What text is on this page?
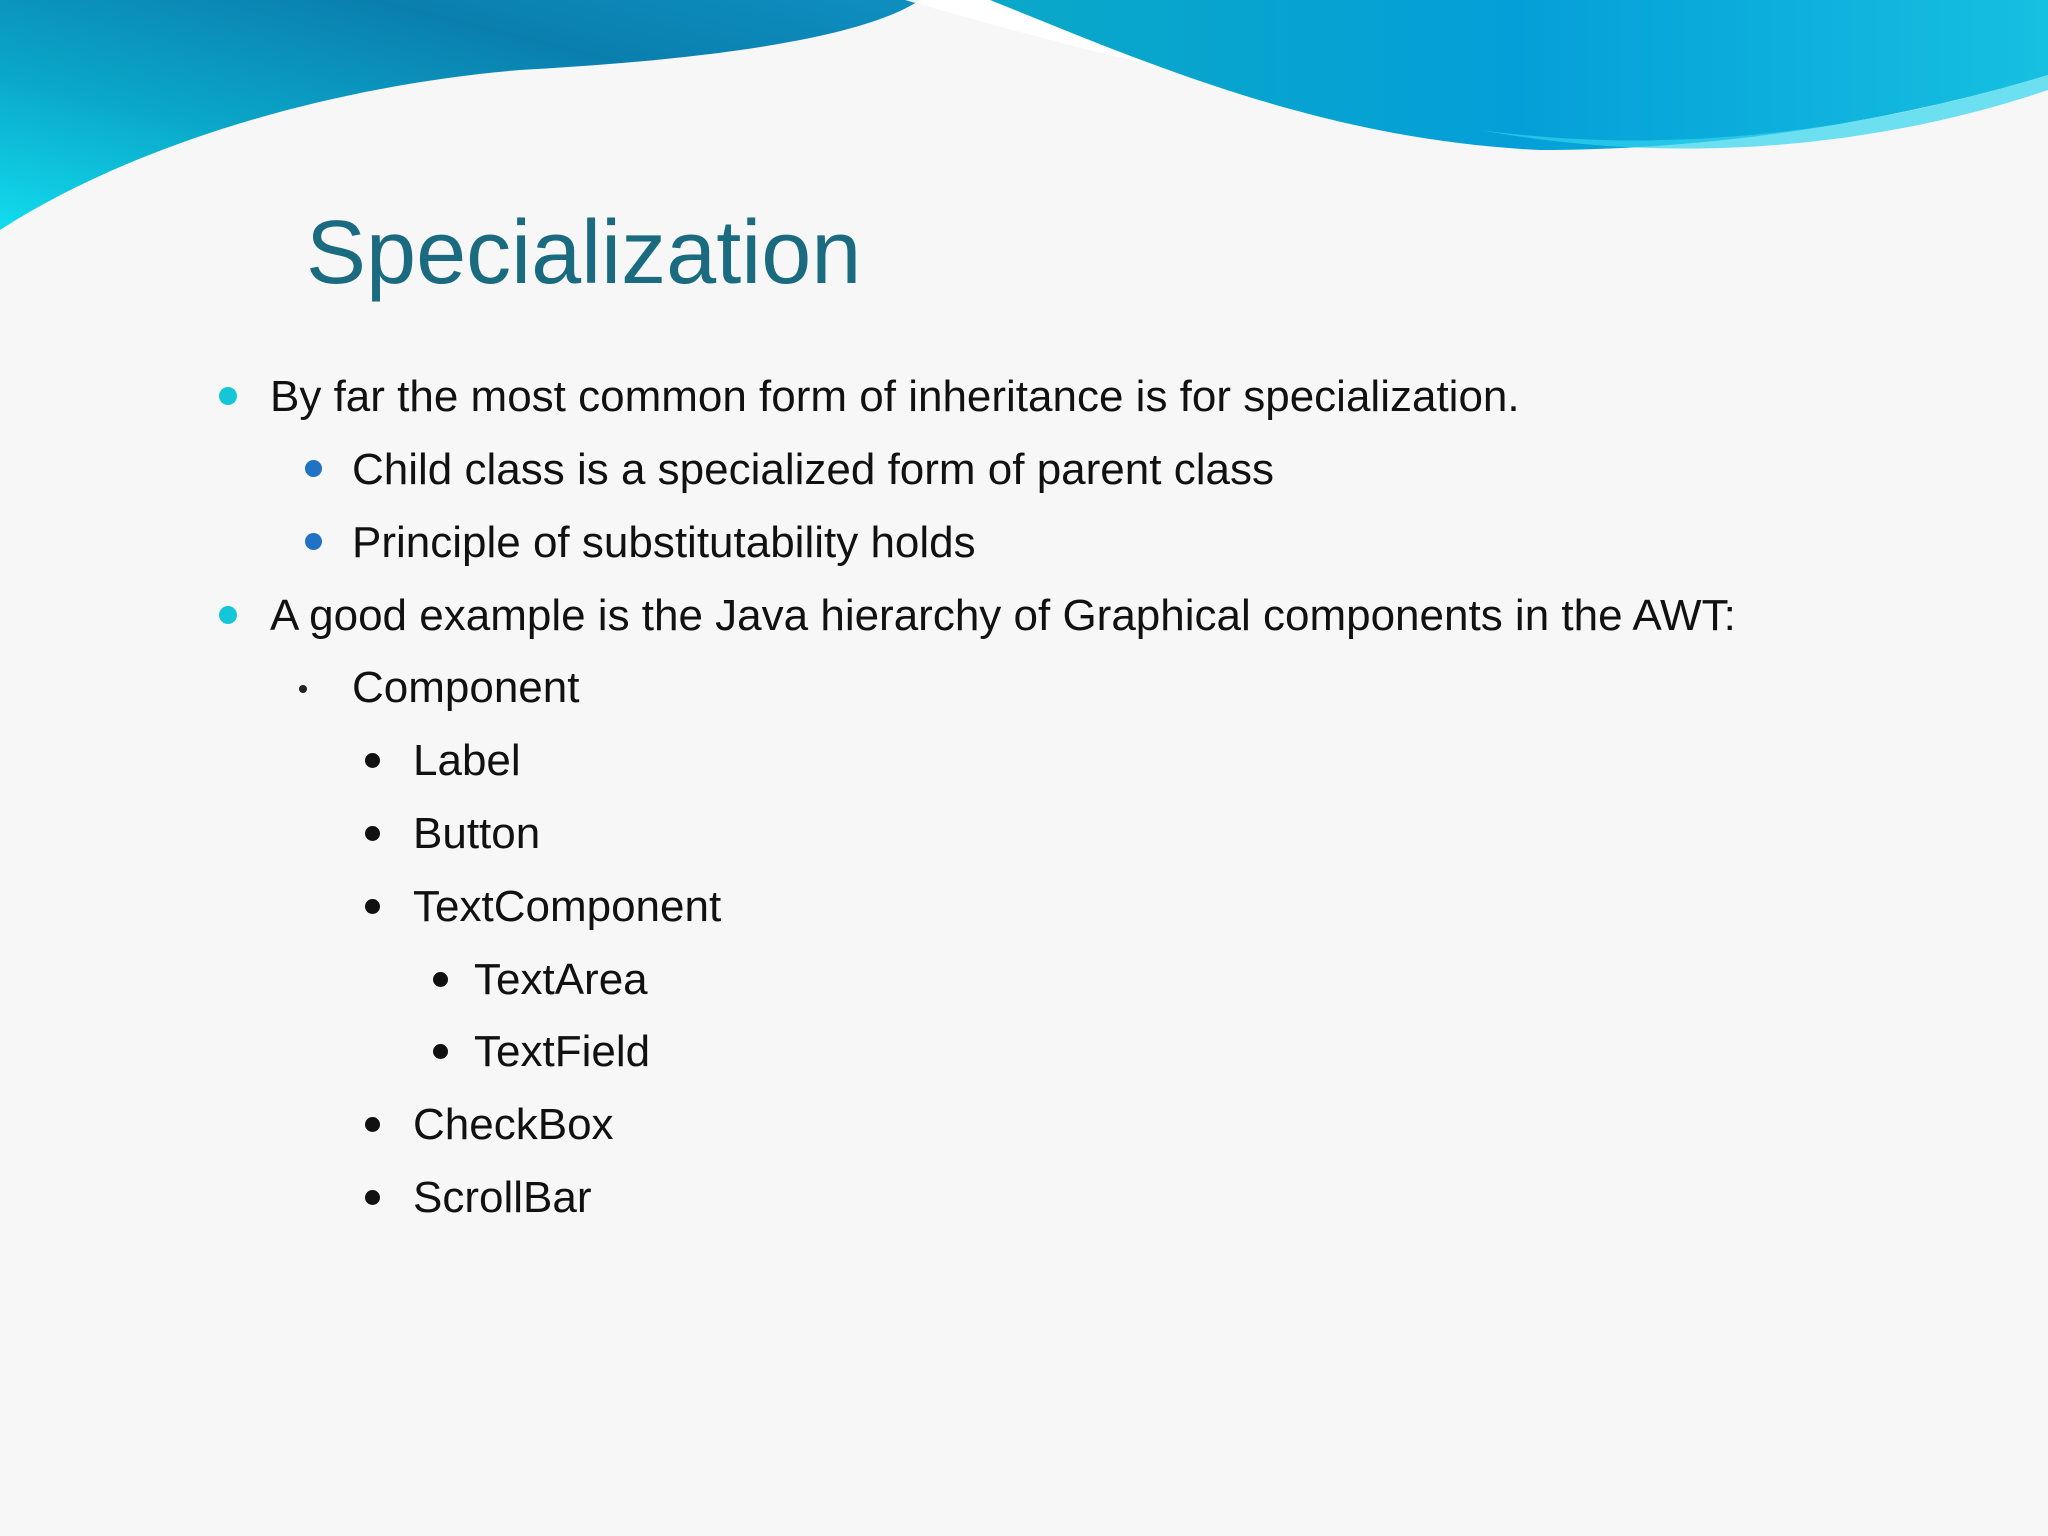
Specialization
By far the most common form of inheritance is for specialization.
Child class is a specialized form of parent class
Principle of substitutability holds
A good example is the Java hierarchy of Graphical components in the AWT:
Component
Label
Button
TextComponent
TextArea
TextField
CheckBox
ScrollBar
